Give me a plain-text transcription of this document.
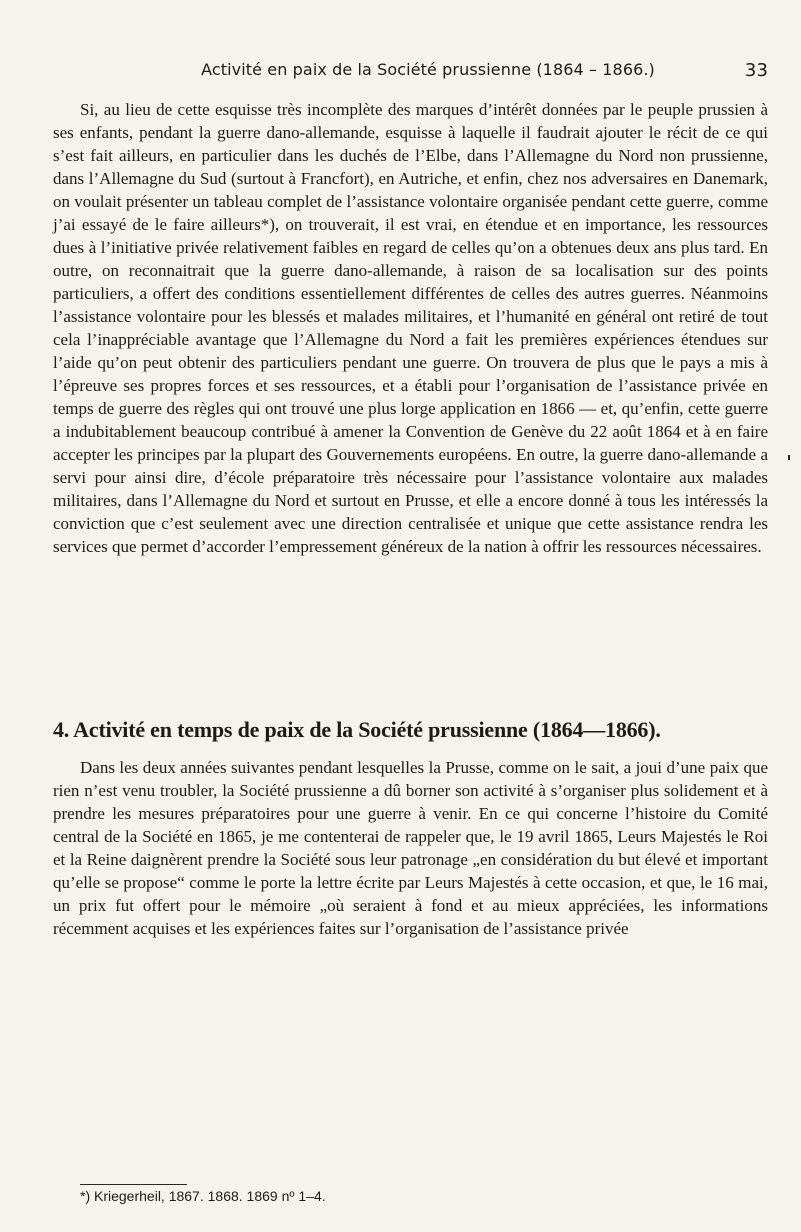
Activité en paix de la Société prussienne (1864 – 1866.)	33

Si, au lieu de cette esquisse très incomplète des marques d’intérêt données par le peuple prussien à ses enfants, pendant la guerre dano-allemande, esquisse à laquelle il faudrait ajouter le récit de ce qui s’est fait ailleurs, en particulier dans les duchés de l’Elbe, dans l’Allemagne du Nord non prussienne, dans l’Allemagne du Sud (surtout à Francfort), en Autriche, et enfin, chez nos adversaires en Danemark, on voulait présenter un tableau complet de l’assistance volontaire organisée pendant cette guerre, comme j’ai essayé de le faire ailleurs*), on trouverait, il est vrai, en étendue et en importance, les ressources dues à l’initiative privée relativement faibles en regard de celles qu’on a obtenues deux ans plus tard. En outre, on reconnaitrait que la guerre dano-allemande, à raison de sa localisation sur des points particuliers, a offert des conditions essentiellement différentes de celles des autres guerres. Néanmoins l’assistance volontaire pour les blessés et malades militaires, et l’humanité en général ont retiré de tout cela l’inappréciable avantage que l’Allemagne du Nord a fait les premières expériences étendues sur l’aide qu’on peut obtenir des particuliers pendant une guerre. On trouvera de plus que le pays a mis à l’épreuve ses propres forces et ses ressources, et a établi pour l’organisation de l’assistance privée en temps de guerre des règles qui ont trouvé une plus lorge application en 1866 — et, qu’enfin, cette guerre a indubitablement beaucoup contribué à amener la Convention de Genève du 22 août 1864 et à en faire accepter les principes par la plupart des Gouvernements européens. En outre, la guerre dano-allemande a servi pour ainsi dire, d’école préparatoire très nécessaire pour l’assistance volontaire aux malades militaires, dans l’Allemagne du Nord et surtout en Prusse, et elle a encore donné à tous les intéressés la conviction que c’est seulement avec une direction centralisée et unique que cette assistance rendra les services que permet d’accorder l’empressement généreux de la nation à offrir les ressources nécessaires.

4. Activité en temps de paix de la Société prussienne (1864—1866).

Dans les deux années suivantes pendant lesquelles la Prusse, comme on le sait, a joui d’une paix que rien n’est venu troubler, la Société prussienne a dû borner son activité à s’organiser plus solidement et à prendre les mesures préparatoires pour une guerre à venir. En ce qui concerne l’histoire du Comité central de la Société en 1865, je me contenterai de rappeler que, le 19 avril 1865, Leurs Majestés le Roi et la Reine daignèrent prendre la Société sous leur patronage „en considération du but élevé et important qu’elle se propose“ comme le porte la lettre écrite par Leurs Majestés à cette occasion, et que, le 16 mai, un prix fut offert pour le mémoire „où seraient à fond et au mieux appréciées, les informations récemment acquises et les expériences faites sur l’organisation de l’assistance privée

*) Kriegerheil, 1867. 1868. 1869 nº 1–4.
